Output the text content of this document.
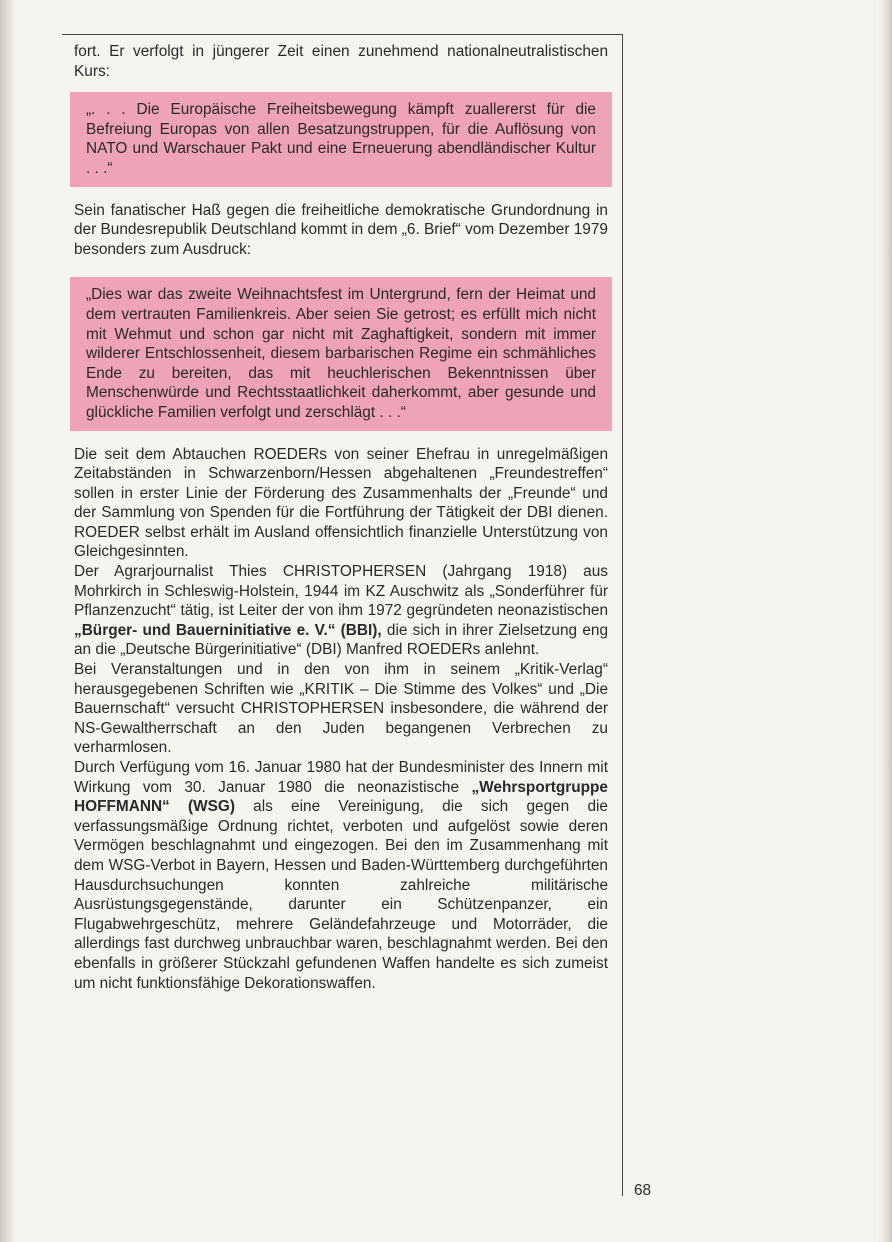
fort. Er verfolgt in jüngerer Zeit einen zunehmend nationalneutralistischen Kurs:

„. . . Die Europäische Freiheitsbewegung kämpft zuallererst für die Befreiung Europas von allen Besatzungstruppen, für die Auflösung von NATO und Warschauer Pakt und eine Erneuerung abendländischer Kultur . . .“

Sein fanatischer Haß gegen die freiheitliche demokratische Grundordnung in der Bundesrepublik Deutschland kommt in dem „6. Brief“ vom Dezember 1979 besonders zum Ausdruck:

„Dies war das zweite Weihnachtsfest im Untergrund, fern der Heimat und dem vertrauten Familienkreis. Aber seien Sie getrost; es erfüllt mich nicht mit Wehmut und schon gar nicht mit Zaghaftigkeit, sondern mit immer wilderer Entschlossenheit, diesem barbarischen Regime ein schmähliches Ende zu bereiten, das mit heuchlerischen Bekenntnissen über Menschenwürde und Rechtsstaatlichkeit daherkommt, aber gesunde und glückliche Familien verfolgt und zerschlägt . . .“

Die seit dem Abtauchen ROEDERs von seiner Ehefrau in unregelmäßigen Zeitabständen in Schwarzenborn/Hessen abgehaltenen „Freundestreffen“ sollen in erster Linie der Förderung des Zusammenhalts der „Freunde“ und der Sammlung von Spenden für die Fortführung der Tätigkeit der DBI dienen. ROEDER selbst erhält im Ausland offensichtlich finanzielle Unterstützung von Gleichgesinnten.

Der Agrarjournalist Thies CHRISTOPHERSEN (Jahrgang 1918) aus Mohrkirch in Schleswig-Holstein, 1944 im KZ Auschwitz als „Sonderführer für Pflanzenzucht“ tätig, ist Leiter der von ihm 1972 gegründeten neonazistischen „Bürger- und Bauerninitiative e. V.“ (BBI), die sich in ihrer Zielsetzung eng an die „Deutsche Bürgerinitiative“ (DBI) Manfred ROEDERs anlehnt.

Bei Veranstaltungen und in den von ihm in seinem „Kritik-Verlag“ herausgegebenen Schriften wie „KRITIK – Die Stimme des Volkes“ und „Die Bauernschaft“ versucht CHRISTOPHERSEN insbesondere, die während der NS-Gewaltherrschaft an den Juden begangenen Verbrechen zu verharmlosen.

Durch Verfügung vom 16. Januar 1980 hat der Bundesminister des Innern mit Wirkung vom 30. Januar 1980 die neonazistische „Wehrsportgruppe HOFFMANN“ (WSG) als eine Vereinigung, die sich gegen die verfassungsmäßige Ordnung richtet, verboten und aufgelöst sowie deren Vermögen beschlagnahmt und eingezogen. Bei den im Zusammenhang mit dem WSG-Verbot in Bayern, Hessen und Baden-Württemberg durchgeführten Hausdurchsuchungen konnten zahlreiche militärische Ausrüstungsgegenstände, darunter ein Schützenpanzer, ein Flugabwehrgeschütz, mehrere Geländefahrzeuge und Motorräder, die allerdings fast durchweg unbrauchbar waren, beschlagnahmt werden. Bei den ebenfalls in größerer Stückzahl gefundenen Waffen handelte es sich zumeist um nicht funktionsfähige Dekorationswaffen.

68
